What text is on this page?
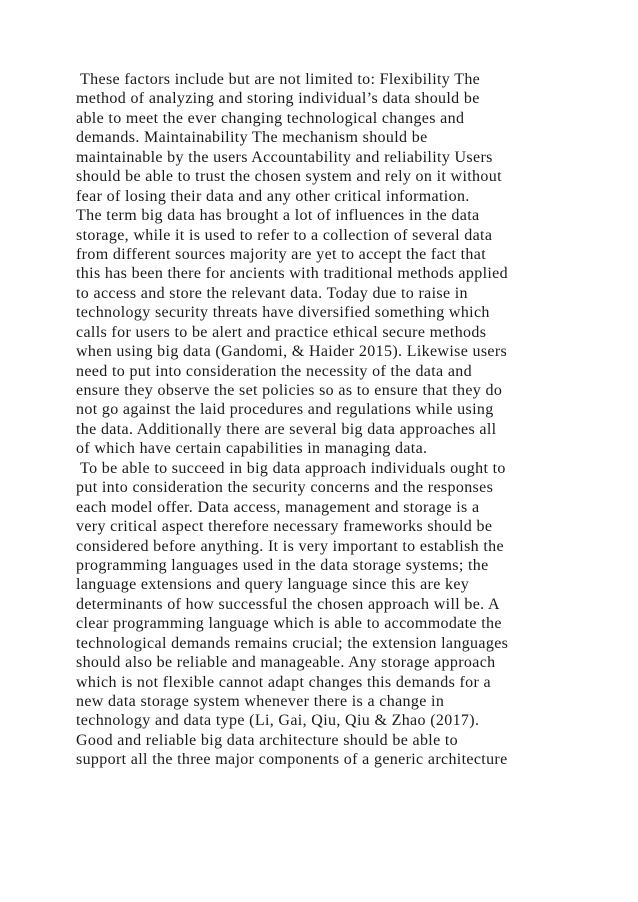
These factors include but are not limited to: Flexibility The
method of analyzing and storing individual’s data should be
able to meet the ever changing technological changes and
demands. Maintainability The mechanism should be
maintainable by the users Accountability and reliability Users
should be able to trust the chosen system and rely on it without
fear of losing their data and any other critical information.
The term big data has brought a lot of influences in the data
storage, while it is used to refer to a collection of several data
from different sources majority are yet to accept the fact that
this has been there for ancients with traditional methods applied
to access and store the relevant data. Today due to raise in
technology security threats have diversified something which
calls for users to be alert and practice ethical secure methods
when using big data (Gandomi, & Haider 2015). Likewise users
need to put into consideration the necessity of the data and
ensure they observe the set policies so as to ensure that they do
not go against the laid procedures and regulations while using
the data. Additionally there are several big data approaches all
of which have certain capabilities in managing data.
To be able to succeed in big data approach individuals ought to
put into consideration the security concerns and the responses
each model offer. Data access, management and storage is a
very critical aspect therefore necessary frameworks should be
considered before anything. It is very important to establish the
programming languages used in the data storage systems; the
language extensions and query language since this are key
determinants of how successful the chosen approach will be. A
clear programming language which is able to accommodate the
technological demands remains crucial; the extension languages
should also be reliable and manageable. Any storage approach
which is not flexible cannot adapt changes this demands for a
new data storage system whenever there is a change in
technology and data type (Li, Gai, Qiu, Qiu & Zhao (2017).
Good and reliable big data architecture should be able to
support all the three major components of a generic architecture
